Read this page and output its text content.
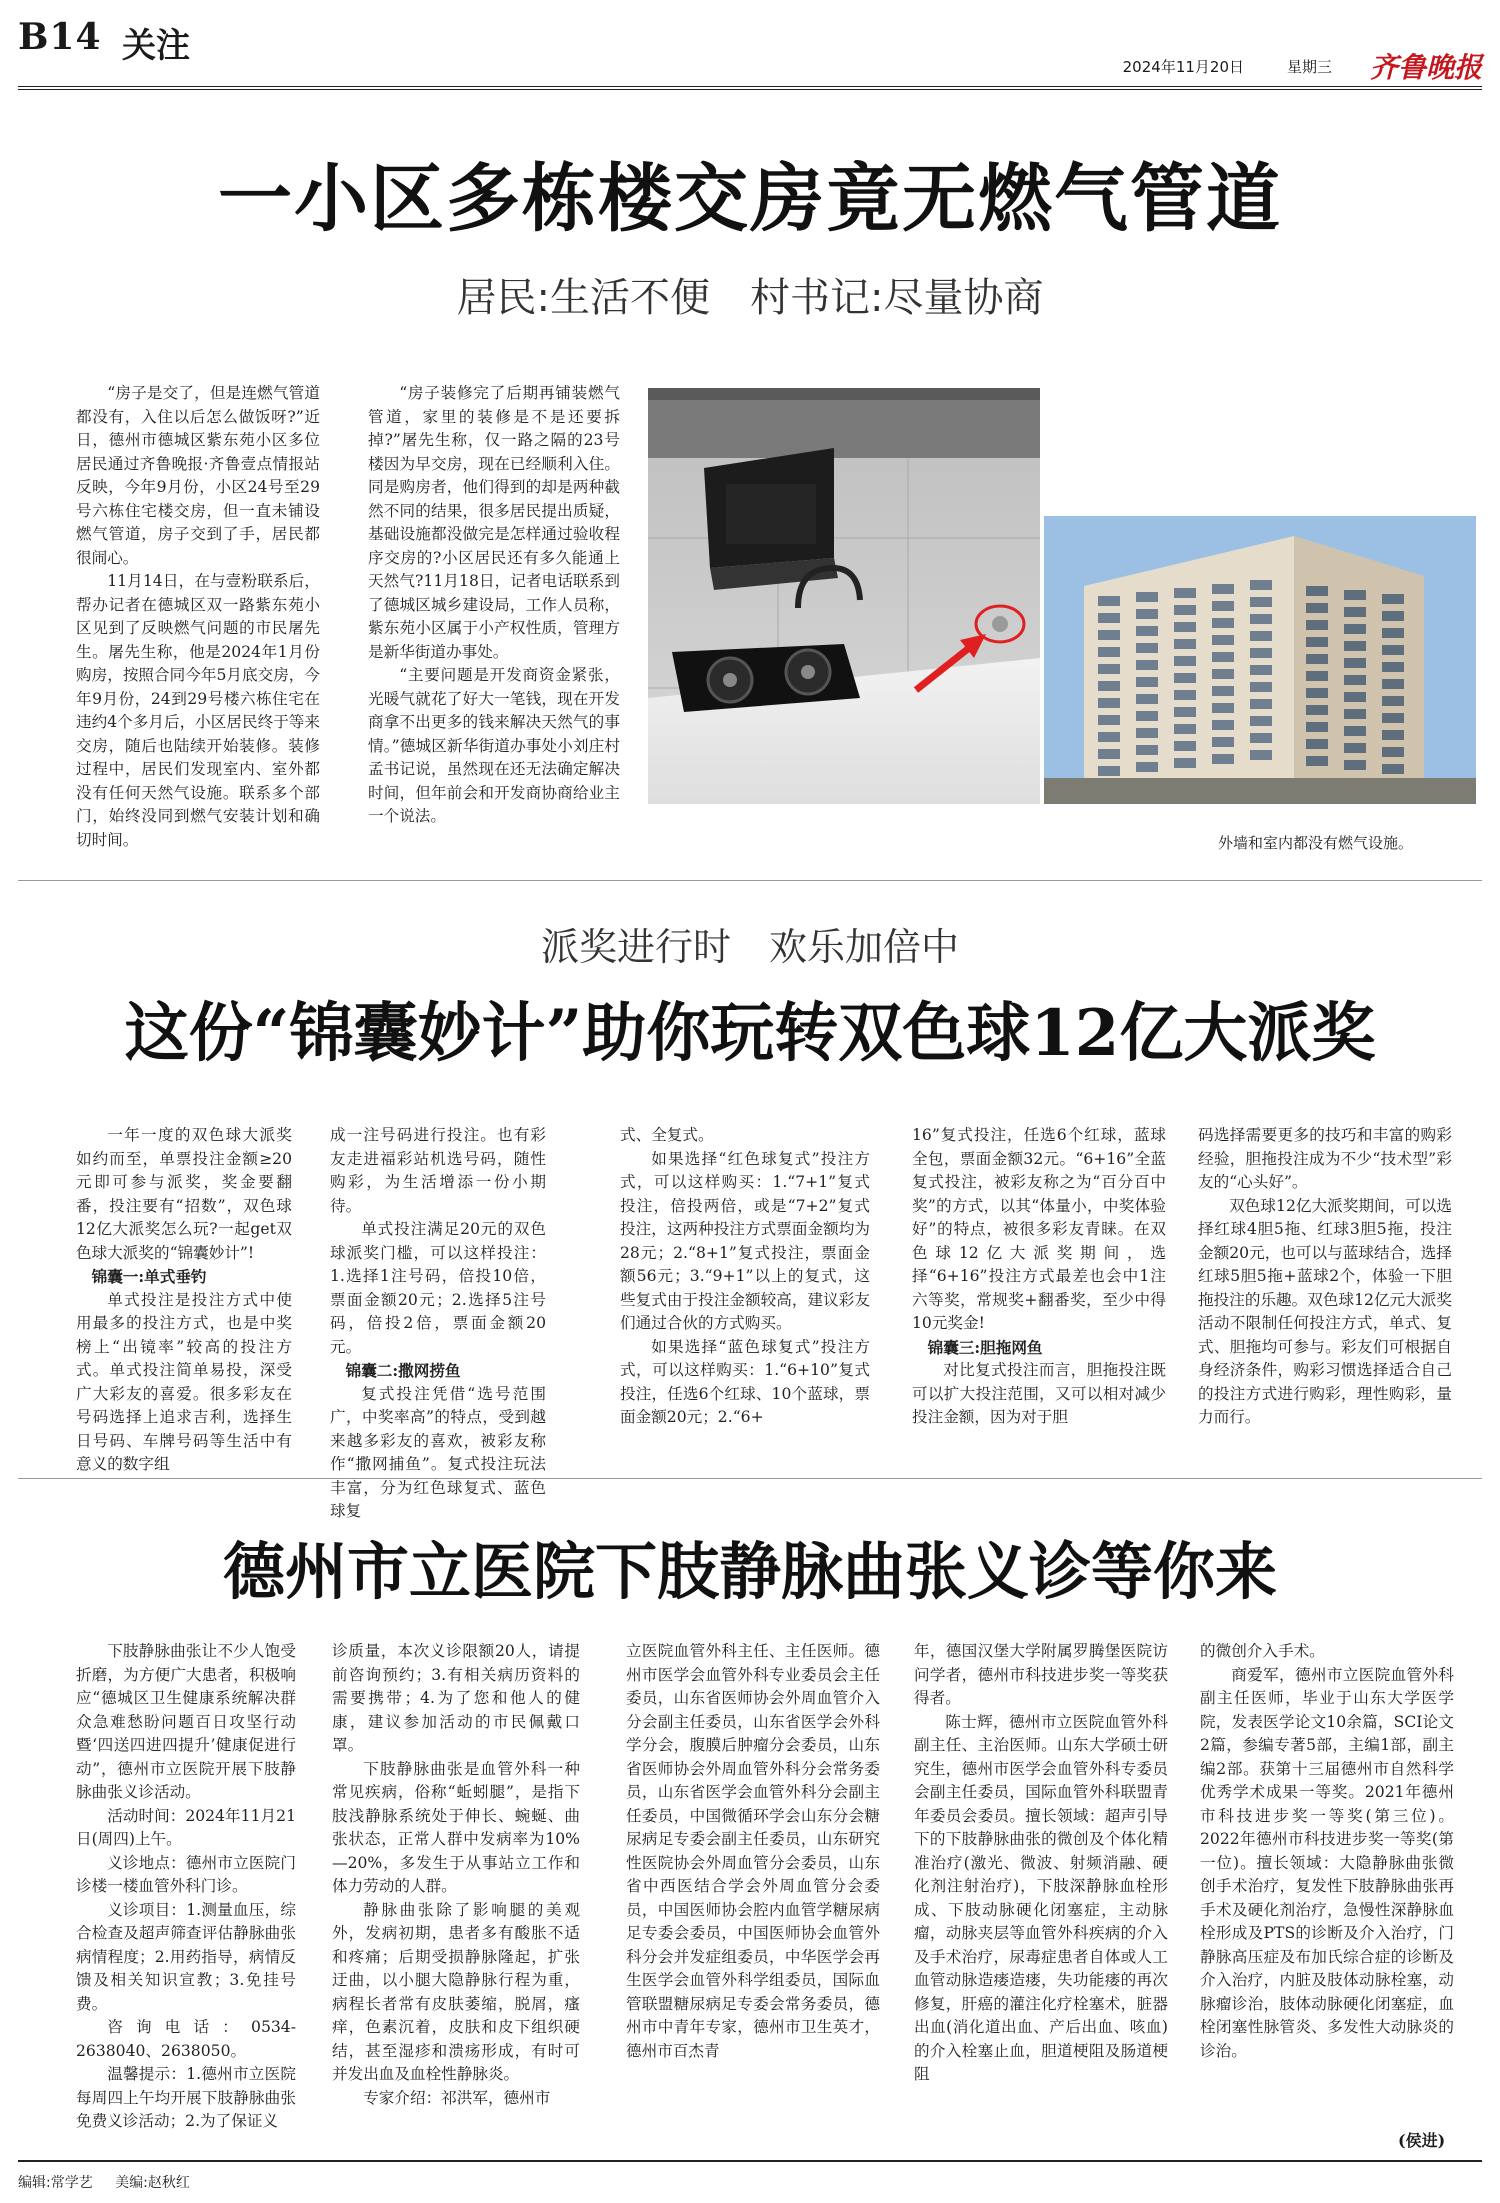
B14 关注
2024年11月20日	星期三 齐鲁晚报
一小区多栋楼交房竟无燃气管道
居民:生活不便　村书记:尽量协商

“房子是交了，但是连燃气管道都没有，入住以后怎么做饭呀?”近日，德州市德城区紫东苑小区多位居民通过齐鲁晚报·齐鲁壹点情报站反映，今年9月份，小区24号至29号六栋住宅楼交房，但一直未铺设燃气管道，房子交到了手，居民都很闹心。

11月14日，在与壹粉联系后，帮办记者在德城区双一路紫东苑小区见到了反映燃气问题的市民屠先生。屠先生称，他是2024年1月份购房，按照合同今年5月底交房，今年9月份，24到29号楼六栋住宅在违约4个多月后，小区居民终于等来交房，随后也陆续开始装修。装修过程中，居民们发现室内、室外都没有任何天然气设施。联系多个部门，始终没同到燃气安装计划和确切时间。

“房子装修完了后期再铺装燃气管道，家里的装修是不是还要拆掉?”屠先生称，仅一路之隔的23号楼因为早交房，现在已经顺利入住。同是购房者，他们得到的却是两种截然不同的结果，很多居民提出质疑，基础设施都没做完是怎样通过验收程序交房的?小区居民还有多久能通上天然气?11月18日，记者电话联系到了德城区城乡建设局，工作人员称，紫东苑小区属于小产权性质，管理方是新华街道办事处。

“主要问题是开发商资金紧张，光暖气就花了好大一笔钱，现在开发商拿不出更多的钱来解决天然气的事情。”德城区新华街道办事处小刘庄村孟书记说，虽然现在还无法确定解决时间，但年前会和开发商协商给业主一个说法。

外墙和室内都没有燃气设施。
派奖进行时　欢乐加倍中
这份“锦囊妙计”助你玩转双色球12亿大派奖

一年一度的双色球大派奖如约而至，单票投注金额≥20元即可参与派奖，奖金要翻番，投注要有“招数”，双色球12亿大派奖怎么玩?一起get双色球大派奖的“锦囊妙计”!

锦囊一:单式垂钓

单式投注是投注方式中使用最多的投注方式，也是中奖榜上“出镜率”较高的投注方式。单式投注简单易投，深受广大彩友的喜爱。很多彩友在号码选择上追求吉利，选择生日号码、车牌号码等生活中有意义的数字组

成一注号码进行投注。也有彩友走进福彩站机选号码，随性购彩，为生活增添一份小期待。

单式投注满足20元的双色球派奖门槛，可以这样投注：1.选择1注号码，倍投10倍，票面金额20元；2.选择5注号码，倍投2倍，票面金额20元。

锦囊二:撒网捞鱼

复式投注凭借“选号范围广，中奖率高”的特点，受到越来越多彩友的喜欢，被彩友称作“撒网捕鱼”。复式投注玩法丰富，分为红色球复式、蓝色球复

式、全复式。

如果选择“红色球复式”投注方式，可以这样购买：1.“7+1”复式投注，倍投两倍，或是“7+2”复式投注，这两种投注方式票面金额均为28元；2.“8+1”复式投注，票面金额56元；3.“9+1”以上的复式，这些复式由于投注金额较高，建议彩友们通过合伙的方式购买。

如果选择“蓝色球复式”投注方式，可以这样购买：1.“6+10”复式投注，任选6个红球、10个蓝球，票面金额20元；2.“6+

16”复式投注，任选6个红球，蓝球全包，票面金额32元。“6+16”全蓝复式投注，被彩友称之为“百分百中奖”的方式，以其“体量小，中奖体验好”的特点，被很多彩友青睐。在双色球12亿大派奖期间，选择“6+16”投注方式最差也会中1注六等奖，常规奖+翻番奖，至少中得10元奖金!

锦囊三:胆拖网鱼

对比复式投注而言，胆拖投注既可以扩大投注范围，又可以相对减少投注金额，因为对于胆

码选择需要更多的技巧和丰富的购彩经验，胆拖投注成为不少“技术型”彩友的“心头好”。

双色球12亿大派奖期间，可以选择红球4胆5拖、红球3胆5拖，投注金额20元，也可以与蓝球结合，选择红球5胆5拖+蓝球2个，体验一下胆拖投注的乐趣。双色球12亿元大派奖活动不限制任何投注方式，单式、复式、胆拖均可参与。彩友们可根据自身经济条件，购彩习惯选择适合自己的投注方式进行购彩，理性购彩，量力而行。

德州市立医院下肢静脉曲张义诊等你来

下肢静脉曲张让不少人饱受折磨，为方便广大患者，积极响应“德城区卫生健康系统解决群众急难愁盼问题百日攻坚行动暨‘四送四进四提升’健康促进行动”，德州市立医院开展下肢静脉曲张义诊活动。

活动时间：2024年11月21日(周四)上午。

义诊地点：德州市立医院门诊楼一楼血管外科门诊。

义诊项目：1.测量血压，综合检查及超声筛查评估静脉曲张病情程度；2.用药指导，病情反馈及相关知识宣教；3.免挂号费。

咨询电话：0534-2638040、2638050。

温馨提示：1.德州市立医院每周四上午均开展下肢静脉曲张免费义诊活动；2.为了保证义

诊质量，本次义诊限额20人，请提前咨询预约；3.有相关病历资料的需要携带；4.为了您和他人的健康，建议参加活动的市民佩戴口罩。

下肢静脉曲张是血管外科一种常见疾病，俗称“蚯蚓腿”，是指下肢浅静脉系统处于伸长、蜿蜒、曲张状态，正常人群中发病率为10%—20%，多发生于从事站立工作和体力劳动的人群。

静脉曲张除了影响腿的美观外，发病初期，患者多有酸胀不适和疼痛；后期受损静脉隆起，扩张迂曲，以小腿大隐静脉行程为重，病程长者常有皮肤萎缩，脱屑，瘙痒，色素沉着，皮肤和皮下组织硬结，甚至湿疹和溃疡形成，有时可并发出血及血栓性静脉炎。

专家介绍：祁洪军，德州市

立医院血管外科主任、主任医师。德州市医学会血管外科专业委员会主任委员，山东省医师协会外周血管介入分会副主任委员，山东省医学会外科学分会，腹膜后肿瘤分会委员，山东省医师协会外周血管外科分会常务委员，山东省医学会血管外科分会副主任委员，中国微循环学会山东分会糖尿病足专委会副主任委员，山东研究性医院协会外周血管分会委员，山东省中西医结合学会外周血管分会委员，中国医师协会腔内血管学糖尿病足专委会委员，中国医师协会血管外科分会并发症组委员，中华医学会再生医学会血管外科学组委员，国际血管联盟糖尿病足专委会常务委员，德州市中青年专家，德州市卫生英才，德州市百杰青

年，德国汉堡大学附属罗腾堡医院访问学者，德州市科技进步奖一等奖获得者。

陈士辉，德州市立医院血管外科副主任、主治医师。山东大学硕士研究生，德州市医学会血管外科专委员会副主任委员，国际血管外科联盟青年委员会委员。擅长领域：超声引导下的下肢静脉曲张的微创及个体化精准治疗(激光、微波、射频消融、硬化剂注射治疗)，下肢深静脉血栓形成、下肢动脉硬化闭塞症，主动脉瘤，动脉夹层等血管外科疾病的介入及手术治疗，尿毒症患者自体或人工血管动脉造瘘造瘘，失功能瘘的再次修复，肝癌的灌注化疗栓塞术，脏器出血(消化道出血、产后出血、咳血)的介入栓塞止血，胆道梗阻及肠道梗阻

的微创介入手术。

商爱军，德州市立医院血管外科副主任医师，毕业于山东大学医学院，发表医学论文10余篇，SCI论文2篇，参编专著5部，主编1部，副主编2部。获第十三届德州市自然科学优秀学术成果一等奖。2021年德州市科技进步奖一等奖(第三位)。2022年德州市科技进步奖一等奖(第一位)。擅长领域：大隐静脉曲张微创手术治疗，复发性下肢静脉曲张再手术及硬化剂治疗，急慢性深静脉血栓形成及PTS的诊断及介入治疗，门静脉高压症及布加氏综合症的诊断及介入治疗，内脏及肢体动脉栓塞，动脉瘤诊治，肢体动脉硬化闭塞症，血栓闭塞性脉管炎、多发性大动脉炎的诊治。

(侯进)
编辑:常学艺 美编:赵秋红
